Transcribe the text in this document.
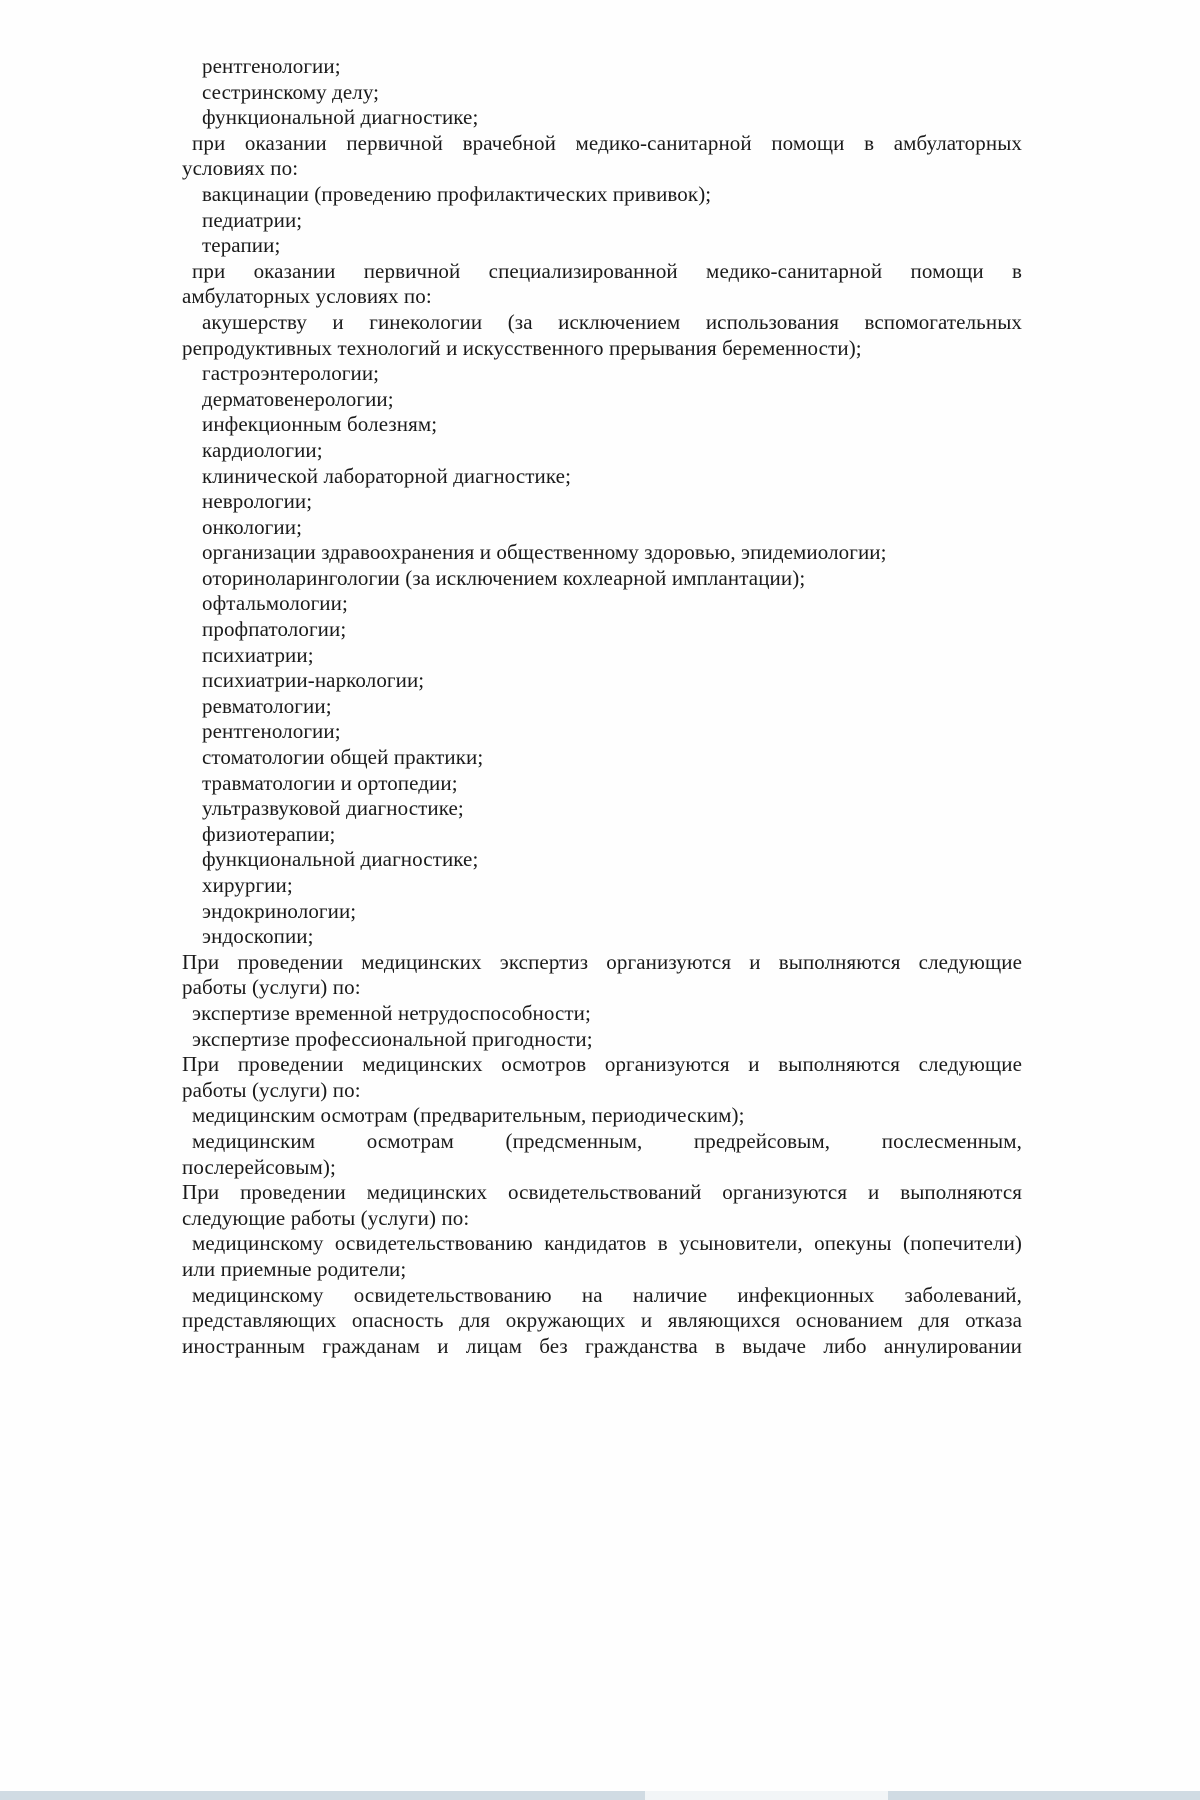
рентгенологии;
сестринскому делу;
функциональной диагностике;
при оказании первичной врачебной медико-санитарной помощи в амбулаторных
условиях по:
вакцинации (проведению профилактических прививок);
педиатрии;
терапии;
при оказании первичной специализированной медико-санитарной помощи в
амбулаторных условиях по:
акушерству и гинекологии (за исключением использования вспомогательных
репродуктивных технологий и искусственного прерывания беременности);
гастроэнтерологии;
дерматовенерологии;
инфекционным болезням;
кардиологии;
клинической лабораторной диагностике;
неврологии;
онкологии;
организации здравоохранения и общественному здоровью, эпидемиологии;
оториноларингологии (за исключением кохлеарной имплантации);
офтальмологии;
профпатологии;
психиатрии;
психиатрии-наркологии;
ревматологии;
рентгенологии;
стоматологии общей практики;
травматологии и ортопедии;
ультразвуковой диагностике;
физиотерапии;
функциональной диагностике;
хирургии;
эндокринологии;
эндоскопии;
При проведении медицинских экспертиз организуются и выполняются следующие
работы (услуги) по:
экспертизе временной нетрудоспособности;
экспертизе профессиональной пригодности;
При проведении медицинских осмотров организуются и выполняются следующие
работы (услуги) по:
медицинским осмотрам (предварительным, периодическим);
медицинским осмотрам (предсменным, предрейсовым, послесменным,
послерейсовым);
При проведении медицинских освидетельствований организуются и выполняются
следующие работы (услуги) по:
медицинскому освидетельствованию кандидатов в усыновители, опекуны (попечители)
или приемные родители;
медицинскому освидетельствованию на наличие инфекционных заболеваний,
представляющих опасность для окружающих и являющихся основанием для отказа
иностранным гражданам и лицам без гражданства в выдаче либо аннулировании
